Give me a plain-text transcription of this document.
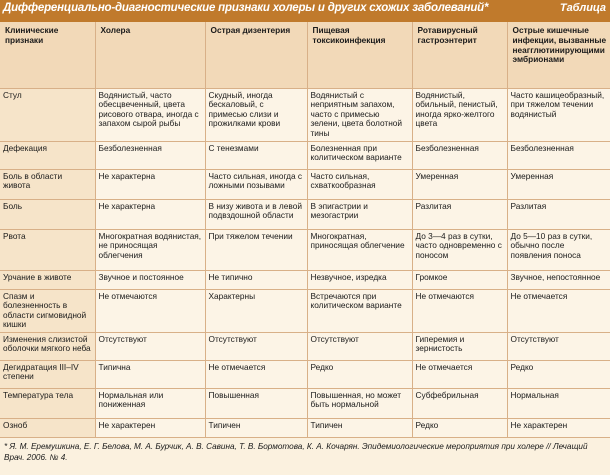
Дифференциально-диагностические признаки холеры и других схожих заболеваний*	Таблица
Клинические признаки	Холера	Острая дизентерия	Пищевая токсикоинфекция	Ротавирусный гастроэнтерит	Острые кишечные инфекции, вызванные неагглютинирующими эмбрионами
Стул	Водянистый, часто обесцвеченный, цвета рисового отвара, иногда с запахом сырой рыбы	Скудный, иногда бескаловый, с примесью слизи и прожилками крови	Водянистый с неприятным запахом, часто с примесью зелени, цвета болотной тины	Водянистый, обильный, пенистый, иногда ярко-желтого цвета	Часто кашицеобразный, при тяжелом течении водянистый
Дефекация	Безболезненная	С тенезмами	Болезненная при колитическом варианте	Безболезненная	Безболезненная
Боль в области живота	Не характерна	Часто сильная, иногда с ложными позывами	Часто сильная, схваткообразная	Умеренная	Умеренная
Боль	Не характерна	В низу живота и в левой подвздошной области	В эпигастрии и мезогастрии	Разлитая	Разлитая
Рвота	Многократная водянистая, не приносящая облегчения	При тяжелом течении	Многократная, приносящая облегчение	До 3—4 раз в сутки, часто одновременно с поносом	До 5—10 раз в сутки, обычно после появления поноса
Урчание в животе	Звучное и постоянное	Не типично	Незвучное, изредка	Громкое	Звучное, непостоянное
Спазм и болезненность в области сигмовидной кишки	Не отмечаются	Характерны	Встречаются при колитическом варианте	Не отмечаются	Не отмечается
Изменения слизистой оболочки мягкого неба	Отсутствуют	Отсутствуют	Отсутствуют	Гиперемия и зернистость	Отсутствуют
Дегидратация III–IV степени	Типична	Не отмечается	Редко	Не отмечается	Редко
Температура тела	Нормальная или пониженная	Повышенная	Повышенная, но может быть нормальной	Субфебрильная	Нормальная
Озноб	Не характерен	Типичен	Типичен	Редко	Не характерен
* Я. М. Еремушкина, Е. Г. Белова, М. А. Бурчик, А. В. Савина, Т. В. Бормотова, К. А. Кочарян. Эпидемиологические мероприятия при холере // Лечащий Врач. 2006. № 4.
